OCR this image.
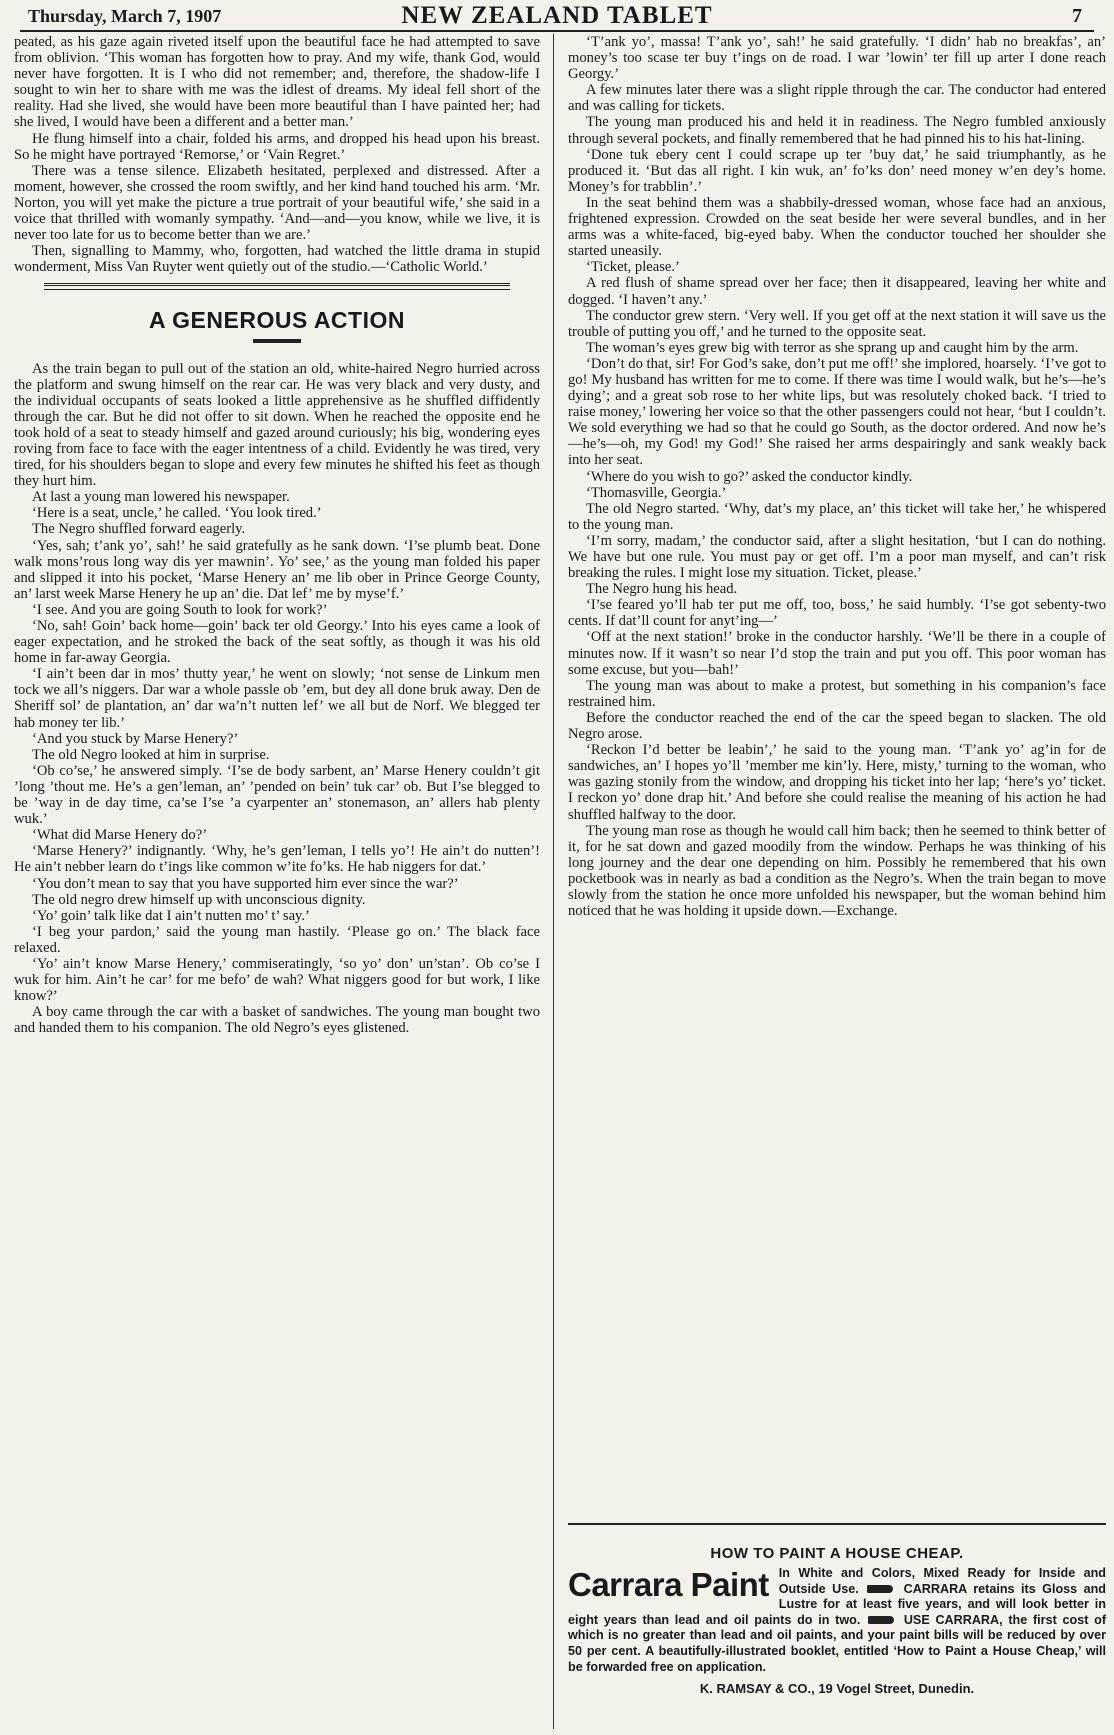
Thursday, March 7, 1907	NEW ZEALAND TABLET	7

peated, as his gaze again riveted itself upon the beautiful face he had attempted to save from oblivion. ‘This woman has forgotten how to pray. And my wife, thank God, would never have forgotten. It is I who did not remember; and, therefore, the shadow-life I sought to win her to share with me was the idlest of dreams. My ideal fell short of the reality. Had she lived, she would have been more beautiful than I have painted her; had she lived, I would have been a different and a better man.’

He flung himself into a chair, folded his arms, and dropped his head upon his breast. So he might have portrayed ‘Remorse,’ or ‘Vain Regret.’

There was a tense silence. Elizabeth hesitated, perplexed and distressed. After a moment, however, she crossed the room swiftly, and her kind hand touched his arm. ‘Mr. Norton, you will yet make the picture a true portrait of your beautiful wife,’ she said in a voice that thrilled with womanly sympathy. ‘And—and—you know, while we live, it is never too late for us to become better than we are.’

Then, signalling to Mammy, who, forgotten, had watched the little drama in stupid wonderment, Miss Van Ruyter went quietly out of the studio.—‘Catholic World.’

A GENEROUS ACTION

As the train began to pull out of the station an old, white-haired Negro hurried across the platform and swung himself on the rear car. He was very black and very dusty, and the individual occupants of seats looked a little apprehensive as he shuffled diffidently through the car. But he did not offer to sit down. When he reached the opposite end he took hold of a seat to steady himself and gazed around curiously; his big, wondering eyes roving from face to face with the eager intentness of a child. Evidently he was tired, very tired, for his shoulders began to slope and every few minutes he shifted his feet as though they hurt him.

At last a young man lowered his newspaper.

‘Here is a seat, uncle,’ he called. ‘You look tired.’

The Negro shuffled forward eagerly.

‘Yes, sah; t’ank yo’, sah!’ he said gratefully as he sank down. ‘I’se plumb beat. Done walk mons’rous long way dis yer mawnin’. Yo’ see,’ as the young man folded his paper and slipped it into his pocket, ‘Marse Henery an’ me lib ober in Prince George County, an’ larst week Marse Henery he up an’ die. Dat lef’ me by myse’f.’

‘I see. And you are going South to look for work?’

‘No, sah! Goin’ back home—goin’ back ter old Georgy.’ Into his eyes came a look of eager expectation, and he stroked the back of the seat softly, as though it was his old home in far-away Georgia.

‘I ain’t been dar in mos’ thutty year,’ he went on slowly; ‘not sense de Linkum men tock we all’s niggers. Dar war a whole passle ob ’em, but dey all done bruk away. Den de Sheriff sol’ de plantation, an’ dar wa’n’t nutten lef’ we all but de Norf. We blegged ter hab money ter lib.’

‘And you stuck by Marse Henery?’

The old Negro looked at him in surprise.

‘Ob co’se,’ he answered simply. ‘I’se de body sarbent, an’ Marse Henery couldn’t git ’long ’thout me. He’s a gen’leman, an’ ’pended on bein’ tuk car’ ob. But I’se blegged to be ’way in de day time, ca’se I’se ’a cyarpenter an’ stonemason, an’ allers hab plenty wuk.’

‘What did Marse Henery do?’

‘Marse Henery?’ indignantly. ‘Why, he’s gen’leman, I tells yo’! He ain’t do nutten’! He ain’t nebber learn do t’ings like common w’ite fo’ks. He hab niggers for dat.’

‘You don’t mean to say that you have supported him ever since the war?’

The old negro drew himself up with unconscious dignity.

‘Yo’ goin’ talk like dat I ain’t nutten mo’ t’ say.’

‘I beg your pardon,’ said the young man hastily. ‘Please go on.’ The black face relaxed.

‘Yo’ ain’t know Marse Henery,’ commiseratingly, ‘so yo’ don’ un’stan’. Ob co’se I wuk for him. Ain’t he car’ for me befo’ de wah? What niggers good for but work, I like know?’

A boy came through the car with a basket of sandwiches. The young man bought two and handed them to his companion. The old Negro’s eyes glistened.

‘T’ank yo’, massa! T’ank yo’, sah!’ he said gratefully. ‘I didn’ hab no breakfas’, an’ money’s too scase ter buy t’ings on de road. I war ’lowin’ ter fill up arter I done reach Georgy.’

A few minutes later there was a slight ripple through the car. The conductor had entered and was calling for tickets.

The young man produced his and held it in readiness. The Negro fumbled anxiously through several pockets, and finally remembered that he had pinned his to his hat-lining.

‘Done tuk ebery cent I could scrape up ter ’buy dat,’ he said triumphantly, as he produced it. ‘But das all right. I kin wuk, an’ fo’ks don’ need money w’en dey’s home. Money’s for trabblin’.’

In the seat behind them was a shabbily-dressed woman, whose face had an anxious, frightened expression. Crowded on the seat beside her were several bundles, and in her arms was a white-faced, big-eyed baby. When the conductor touched her shoulder she started uneasily.

‘Ticket, please.’

A red flush of shame spread over her face; then it disappeared, leaving her white and dogged. ‘I haven’t any.’

The conductor grew stern. ‘Very well. If you get off at the next station it will save us the trouble of putting you off,’ and he turned to the opposite seat.

The woman’s eyes grew big with terror as she sprang up and caught him by the arm.

‘Don’t do that, sir! For God’s sake, don’t put me off!’ she implored, hoarsely. ‘I’ve got to go! My husband has written for me to come. If there was time I would walk, but he’s—he’s dying’; and a great sob rose to her white lips, but was resolutely choked back. ‘I tried to raise money,’ lowering her voice so that the other passengers could not hear, ‘but I couldn’t. We sold everything we had so that he could go South, as the doctor ordered. And now he’s—he’s—oh, my God! my God!’ She raised her arms despairingly and sank weakly back into her seat.

‘Where do you wish to go?’ asked the conductor kindly.

‘Thomasville, Georgia.’

The old Negro started. ‘Why, dat’s my place, an’ this ticket will take her,’ he whispered to the young man.

‘I’m sorry, madam,’ the conductor said, after a slight hesitation, ‘but I can do nothing. We have but one rule. You must pay or get off. I’m a poor man myself, and can’t risk breaking the rules. I might lose my situation. Ticket, please.’

The Negro hung his head.

‘I’se feared yo’ll hab ter put me off, too, boss,’ he said humbly. ‘I’se got sebenty-two cents. If dat’ll count for anyt’ing—’

‘Off at the next station!’ broke in the conductor harshly. ‘We’ll be there in a couple of minutes now. If it wasn’t so near I’d stop the train and put you off. This poor woman has some excuse, but you—bah!’

The young man was about to make a protest, but something in his companion’s face restrained him.

Before the conductor reached the end of the car the speed began to slacken. The old Negro arose.

‘Reckon I’d better be leabin’,’ he said to the young man. ‘T’ank yo’ ag’in for de sandwiches, an’ I hopes yo’ll ’member me kin’ly. Here, misty,’ turning to the woman, who was gazing stonily from the window, and dropping his ticket into her lap; ‘here’s yo’ ticket. I reckon yo’ done drap hit.’ And before she could realise the meaning of his action he had shuffled halfway to the door.

The young man rose as though he would call him back; then he seemed to think better of it, for he sat down and gazed moodily from the window. Perhaps he was thinking of his long journey and the dear one depending on him. Possibly he remembered that his own pocketbook was in nearly as bad a condition as the Negro’s. When the train began to move slowly from the station he once more unfolded his newspaper, but the woman behind him noticed that he was holding it upside down.—Exchange.

HOW TO PAINT A HOUSE CHEAP.
Carrara Paint In White and Colors, Mixed Ready for Inside and Outside Use.	CARRARA retains its Gloss and Lustre for at least five years, and will look better in eight years than lead and oil paints do in two.	USE CARRARA, the first cost of which is no greater than lead and oil paints, and your paint bills will be reduced by over 50 per cent. A beautifully-illustrated booklet, entitled ‘How to Paint a House Cheap,’ will be forwarded free on application.
K. RAMSAY & CO., 19 Vogel Street, Dunedin.
